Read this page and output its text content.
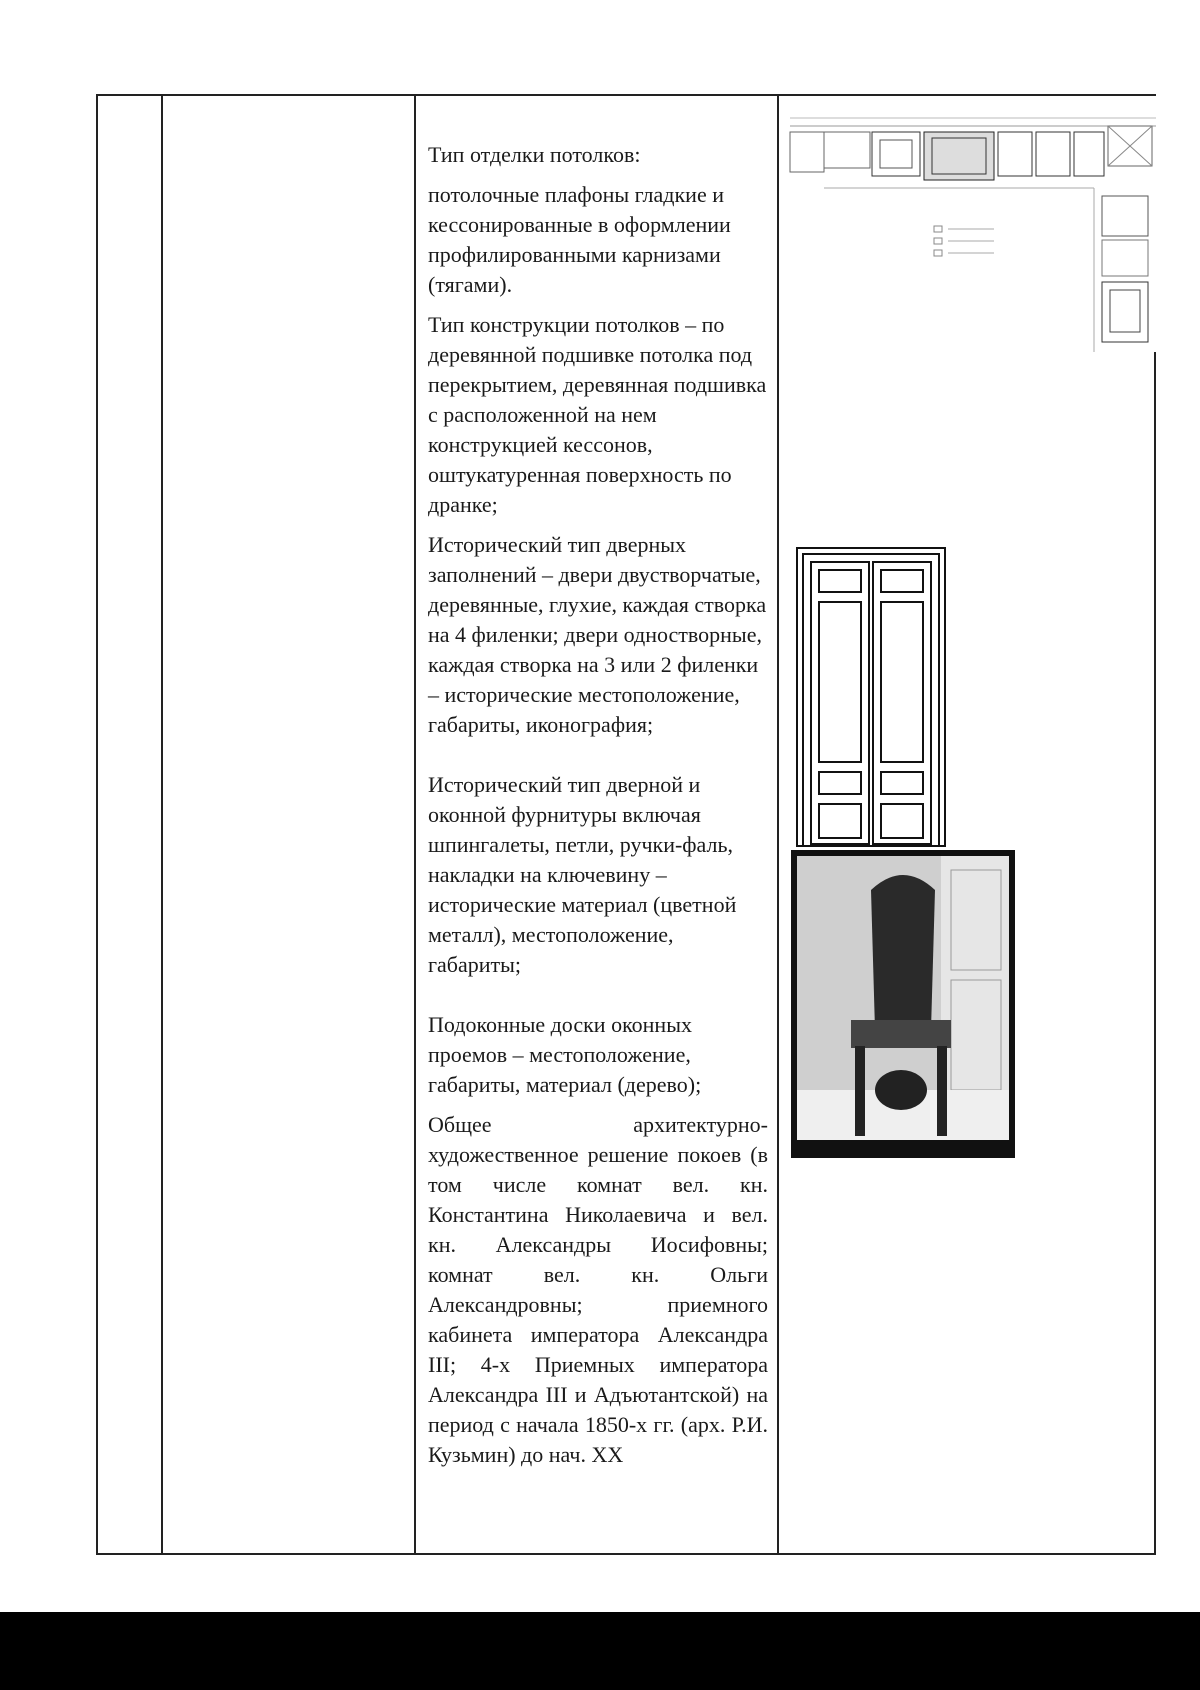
Тип отделки потолков:

потолочные плафоны гладкие и кессонированные в оформлении профилированными карнизами (тягами).

Тип конструкции потолков – по деревянной подшивке потолка под перекрытием, деревянная подшивка с расположенной на нем конструкцией кессонов, оштукатуренная поверхность по дранке;

Исторический тип дверных заполнений – двери двустворчатые, деревянные, глухие, каждая створка на 4 филенки; двери одностворные, каждая створка на 3 или 2 филенки – исторические местоположение, габариты, иконография;

Исторический тип дверной и оконной фурнитуры включая шпингалеты, петли, ручки-фаль, накладки на ключевину – исторические материал (цветной металл), местоположение, габариты;

Подоконные доски оконных проемов – местоположение, габариты, материал (дерево);

Общее архитектурно-художественное решение покоев (в том числе комнат вел. кн. Константина Николаевича и вел. кн. Александры Иосифовны; комнат вел. кн. Ольги Александровны; приемного кабинета императора Александра III; 4-х Приемных императора Александра III и Адъютантской) на период с начала 1850-х гг. (арх. Р.И. Кузьмин) до нач. XX
